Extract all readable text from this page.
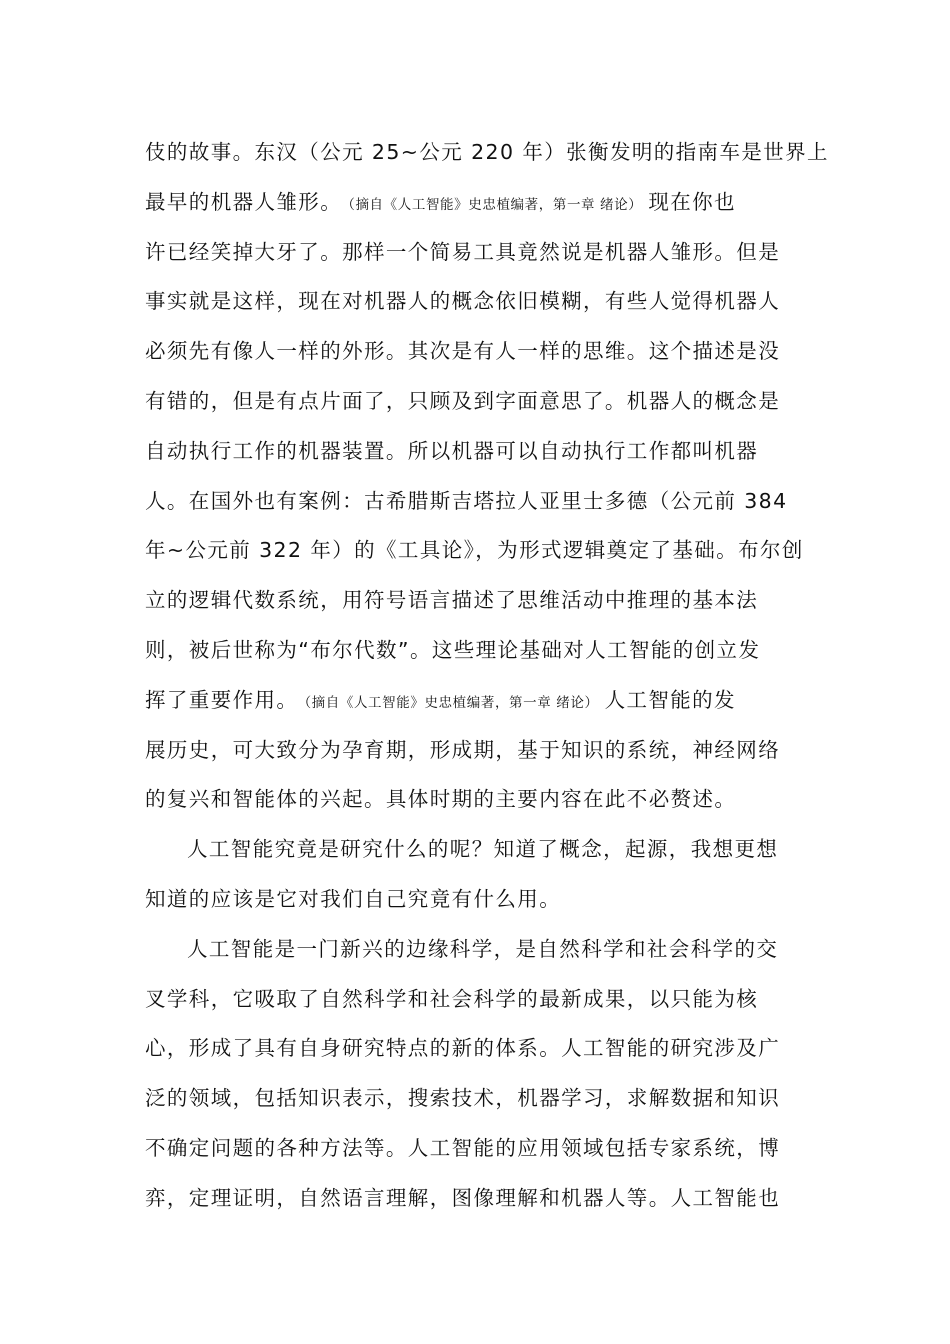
伎的故事。东汉（公元 25~公元 220 年）张衡发明的指南车是世界上
最早的机器人雏形。 （摘自《人工智能》史忠植编著，第一章 绪论） 现在你也
许已经笑掉大牙了。那样一个简易工具竟然说是机器人雏形。但是
事实就是这样，现在对机器人的概念依旧模糊，有些人觉得机器人
必须先有像人一样的外形。其次是有人一样的思维。这个描述是没
有错的，但是有点片面了，只顾及到字面意思了。机器人的概念是
自动执行工作的机器装置。所以机器可以自动执行工作都叫机器
人。在国外也有案例：古希腊斯吉塔拉人亚里士多德（公元前 384
年~公元前 322 年）的《工具论》，为形式逻辑奠定了基础。布尔创
立的逻辑代数系统，用符号语言描述了思维活动中推理的基本法
则，被后世称为“布尔代数”。这些理论基础对人工智能的创立发
挥了重要作用。 （摘自《人工智能》史忠植编著，第一章 绪论） 人工智能的发
展历史，可大致分为孕育期，形成期，基于知识的系统，神经网络
的复兴和智能体的兴起。具体时期的主要内容在此不必赘述。
人工智能究竟是研究什么的呢？知道了概念，起源，我想更想
知道的应该是它对我们自己究竟有什么用。
人工智能是一门新兴的边缘科学，是自然科学和社会科学的交
叉学科，它吸取了自然科学和社会科学的最新成果，以只能为核
心，形成了具有自身研究特点的新的体系。人工智能的研究涉及广
泛的领域，包括知识表示，搜索技术，机器学习，求解数据和知识
不确定问题的各种方法等。人工智能的应用领域包括专家系统，博
弈，定理证明，自然语言理解，图像理解和机器人等。人工智能也
